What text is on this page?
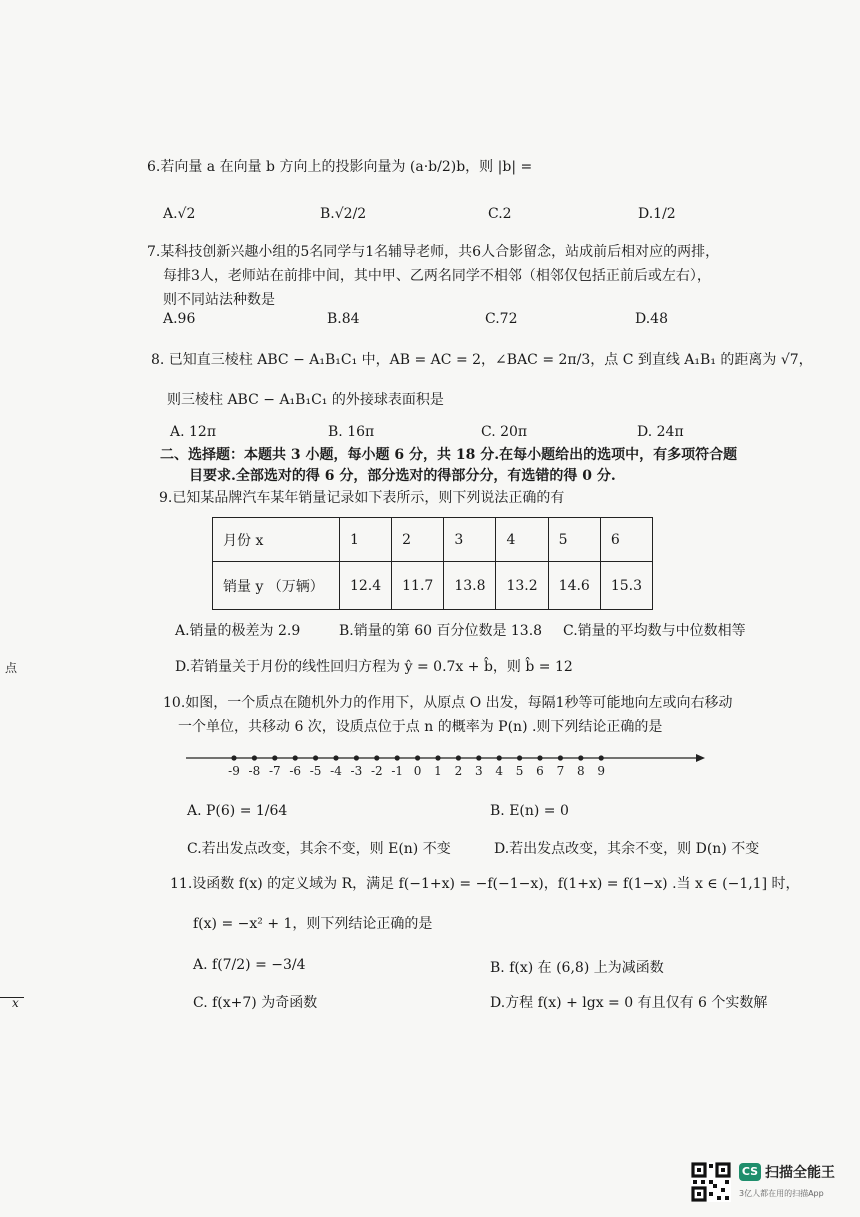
6.若向量 a 在向量 b 方向上的投影向量为 (a·b/2)b，则 |b| =
A.√2	B.√2/2	C.2	D.1/2
7.某科技创新兴趣小组的5名同学与1名辅导老师，共6人合影留念，站成前后相对应的两排，
每排3人，老师站在前排中间，其中甲、乙两名同学不相邻（相邻仅包括正前后或左右），
则不同站法种数是
A.96	B.84	C.72	D.48
8. 已知直三棱柱 ABC − A₁B₁C₁ 中，AB = AC = 2，∠BAC = 2π/3，点 C 到直线 A₁B₁ 的距离为 √7，
则三棱柱 ABC − A₁B₁C₁ 的外接球表面积是
A. 12π	B. 16π	C. 20π	D. 24π
二、选择题：本题共 3 小题，每小题 6 分，共 18 分.在每小题给出的选项中，有多项符合题
目要求.全部选对的得 6 分，部分选对的得部分分，有选错的得 0 分.
9.已知某品牌汽车某年销量记录如下表所示，则下列说法正确的有
月份 x	1	2	3	4	5	6
销量 y （万辆）	12.4	11.7	13.8	13.2	14.6	15.3
A.销量的极差为 2.9	B.销量的第 60 百分位数是 13.8 C.销量的平均数与中位数相等
D.若销量关于月份的线性回归方程为 ŷ = 0.7x + b̂，则 b̂ = 12
点
10.如图，一个质点在随机外力的作用下，从原点 O 出发，每隔1秒等可能地向左或向右移动
一个单位，共移动 6 次，设质点位于点 n 的概率为 P(n) .则下列结论正确的是
-9 -8 -7 -6 -5 -4 -3 -2 -1 0 1 2 3 4 5 6 7 8 9
A. P(6) = 1/64	B. E(n) = 0
C.若出发点改变，其余不变，则 E(n) 不变	D.若出发点改变，其余不变，则 D(n) 不变
11.设函数 f(x) 的定义域为 R，满足 f(−1+x) = −f(−1−x)，f(1+x) = f(1−x) .当 x ∈ (−1,1] 时，
f(x) = −x² + 1，则下列结论正确的是
A. f(7/2) = −3/4	B. f(x) 在 (6,8) 上为减函数
C. f(x+7) 为奇函数	D.方程 f(x) + lgx = 0 有且仅有 6 个实数解
x
CS 扫描全能王
3亿人都在用的扫描App
